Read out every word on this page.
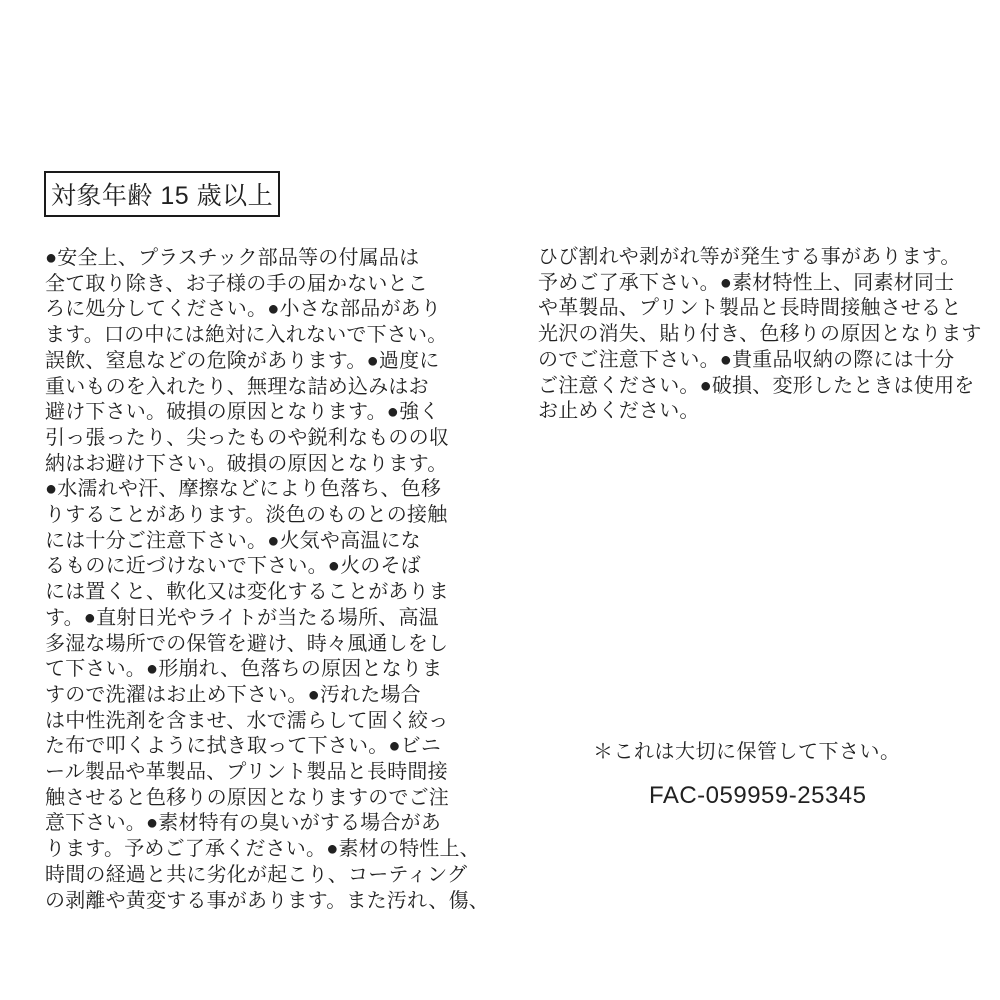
対象年齢 15 歳以上
●安全上、プラスチック部品等の付属品は
全て取り除き、お子様の手の届かないとこ
ろに処分してください。●小さな部品があり
ます。口の中には絶対に入れないで下さい。
誤飲、窒息などの危険があります。●過度に
重いものを入れたり、無理な詰め込みはお
避け下さい。破損の原因となります。●強く
引っ張ったり、尖ったものや鋭利なものの収
納はお避け下さい。破損の原因となります。
●水濡れや汗、摩擦などにより色落ち、色移
りすることがあります。淡色のものとの接触
には十分ご注意下さい。●火気や高温にな
るものに近づけないで下さい。●火のそば
には置くと、軟化又は変化することがありま
す。●直射日光やライトが当たる場所、高温
多湿な場所での保管を避け、時々風通しをし
て下さい。●形崩れ、色落ちの原因となりま
すので洗濯はお止め下さい。●汚れた場合
は中性洗剤を含ませ、水で濡らして固く絞っ
た布で叩くように拭き取って下さい。●ビニ
ール製品や革製品、プリント製品と長時間接
触させると色移りの原因となりますのでご注
意下さい。●素材特有の臭いがする場合があ
ります。予めご了承ください。●素材の特性上、
時間の経過と共に劣化が起こり、コーティング
の剥離や黄変する事があります。また汚れ、傷、
ひび割れや剥がれ等が発生する事があります。
予めご了承下さい。●素材特性上、同素材同士
や革製品、プリント製品と長時間接触させると
光沢の消失、貼り付き、色移りの原因となります
のでご注意下さい。●貴重品収納の際には十分
ご注意ください。●破損、変形したときは使用を
お止めください。
＊これは大切に保管して下さい。
FAC-059959-25345
